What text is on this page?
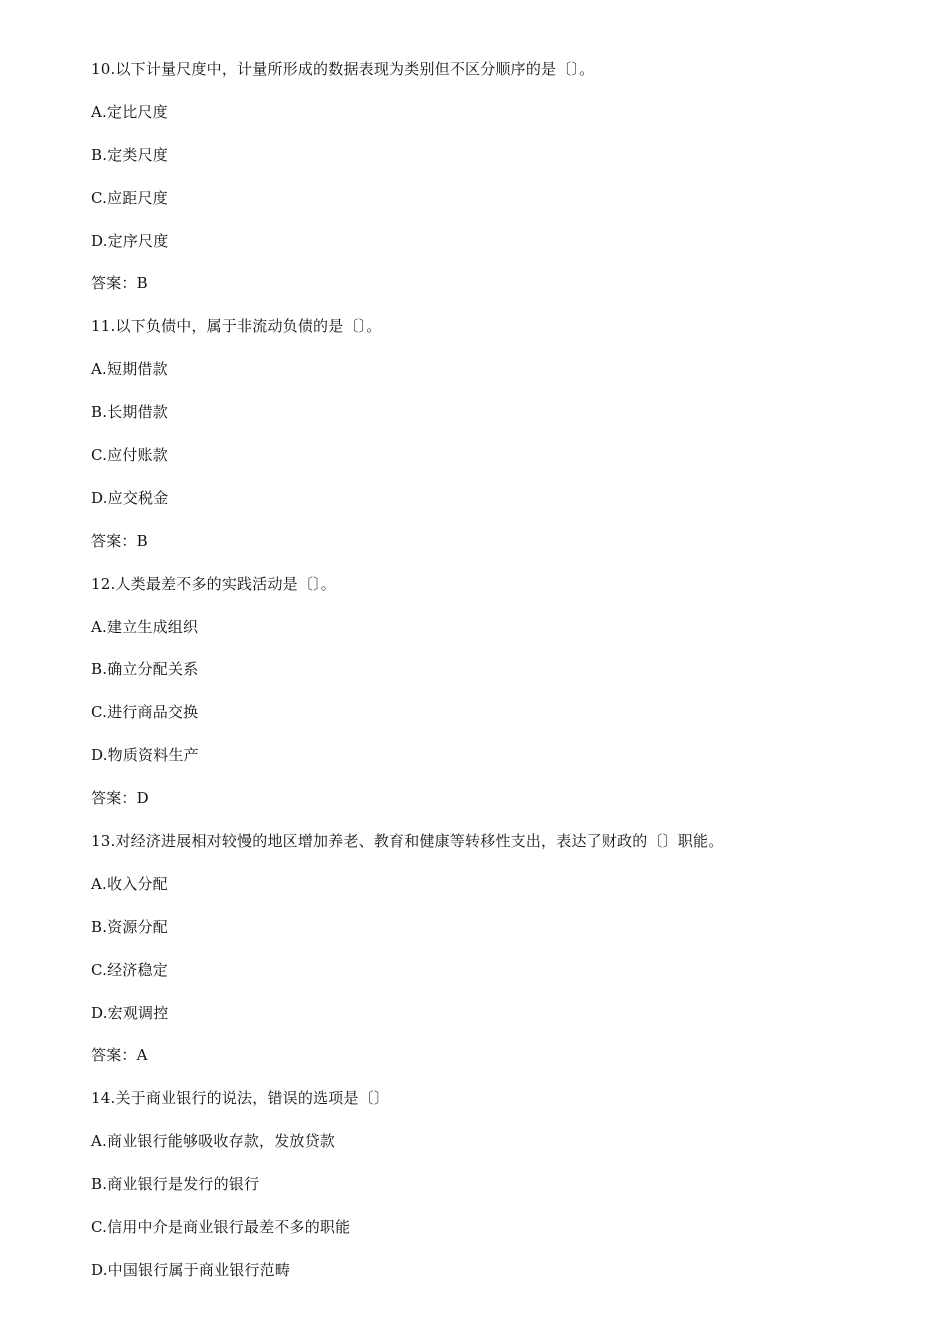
10.以下计量尺度中，计量所形成的数据表现为类别但不区分顺序的是〔〕。
A.定比尺度
B.定类尺度
C.应距尺度
D.定序尺度
答案：B
11.以下负债中，属于非流动负债的是〔〕。
A.短期借款
B.长期借款
C.应付账款
D.应交税金
答案：B
12.人类最差不多的实践活动是〔〕。
A.建立生成组织
B.确立分配关系
C.进行商品交换
D.物质资料生产
答案：D
13.对经济进展相对较慢的地区增加养老、教育和健康等转移性支出，表达了财政的〔〕职能。
A.收入分配
B.资源分配
C.经济稳定
D.宏观调控
答案：A
14.关于商业银行的说法，错误的选项是〔〕
A.商业银行能够吸收存款，发放贷款
B.商业银行是发行的银行
C.信用中介是商业银行最差不多的职能
D.中国银行属于商业银行范畴
